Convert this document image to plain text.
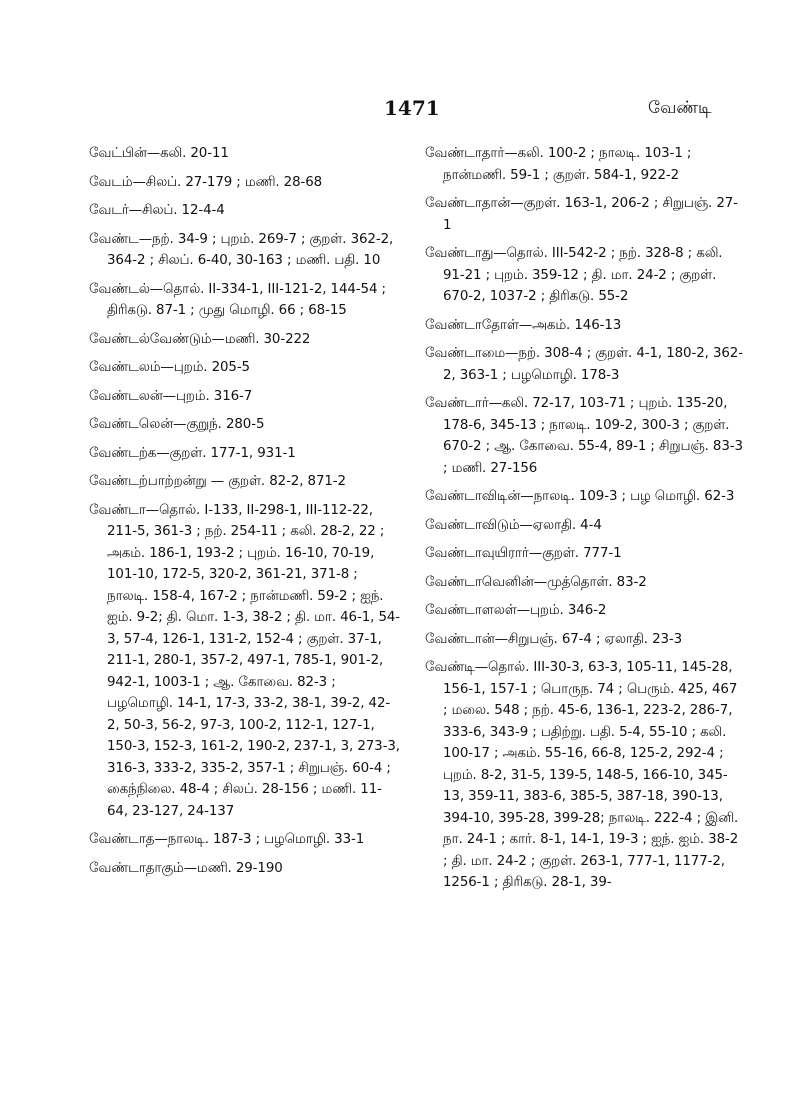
1471	வேண்டி
வேட்பின்—கலி. 20-11
வேடம்—சிலப். 27-179 ; மணி. 28-68
வேடர்—சிலப். 12-4-4
வேண்ட—நற். 34-9 ; புறம். 269-7 ; குறள். 362-2, 364-2 ; சிலப். 6-40, 30-163 ; மணி. பதி. 10
வேண்டல்—தொல். II-334-1, III-121-2, 144-54 ; திரிகடு. 87-1 ; முது மொழி. 66 ; 68-15
வேண்டல்வேண்டும்—மணி. 30-222
வேண்டலம்—புறம். 205-5
வேண்டலன்—புறம். 316-7
வேண்டலென்—குறுந். 280-5
வேண்டற்க—குறள். 177-1, 931-1
வேண்டற்பாற்றன்று — குறள். 82-2, 871-2
வேண்டா—தொல். I-133, II-298-1, III-112-22, 211-5, 361-3 ; நற். 254-11 ; கலி. 28-2, 22 ; அகம். 186-1, 193-2 ; புறம். 16-10, 70-19, 101-10, 172-5, 320-2, 361-21, 371-8 ; நாலடி. 158-4, 167-2 ; நான்மணி. 59-2 ; ஐந். ஐம். 9-2; தி. மொ. 1-3, 38-2 ; தி. மா. 46-1, 54-3, 57-4, 126-1, 131-2, 152-4 ; குறள். 37-1, 211-1, 280-1, 357-2, 497-1, 785-1, 901-2, 942-1, 1003-1 ; ஆ. கோவை. 82-3 ; பழமொழி. 14-1, 17-3, 33-2, 38-1, 39-2, 42-2, 50-3, 56-2, 97-3, 100-2, 112-1, 127-1, 150-3, 152-3, 161-2, 190-2, 237-1, 3, 273-3, 316-3, 333-2, 335-2, 357-1 ; சிறுபஞ். 60-4 ; கைந்நிலை. 48-4 ; சிலப். 28-156 ; மணி. 11-64, 23-127, 24-137
வேண்டாத—நாலடி. 187-3 ; பழமொழி. 33-1
வேண்டாதாகும்—மணி. 29-190
வேண்டாதார்—கலி. 100-2 ; நாலடி. 103-1 ; நான்மணி. 59-1 ; குறள். 584-1, 922-2
வேண்டாதான்—குறள். 163-1, 206-2 ; சிறுபஞ். 27-1
வேண்டாது—தொல். III-542-2 ; நற். 328-8 ; கலி. 91-21 ; புறம். 359-12 ; தி. மா. 24-2 ; குறள். 670-2, 1037-2 ; திரிகடு. 55-2
வேண்டாதோள்—அகம். 146-13
வேண்டாமை—நற். 308-4 ; குறள். 4-1, 180-2, 362-2, 363-1 ; பழமொழி. 178-3
வேண்டார்—கலி. 72-17, 103-71 ; புறம். 135-20, 178-6, 345-13 ; நாலடி. 109-2, 300-3 ; குறள். 670-2 ; ஆ. கோவை. 55-4, 89-1 ; சிறுபஞ். 83-3 ; மணி. 27-156
வேண்டாவிடின்—நாலடி. 109-3 ; பழ மொழி. 62-3
வேண்டாவிடும்—ஏலாதி. 4-4
வேண்டாவுயிரார்—குறள். 777-1
வேண்டாவெனின்—முத்தொள். 83-2
வேண்டாளலள்—புறம். 346-2
வேண்டான்—சிறுபஞ். 67-4 ; ஏலாதி. 23-3
வேண்டி—தொல். III-30-3, 63-3, 105-11, 145-28, 156-1, 157-1 ; பொருந. 74 ; பெரும். 425, 467 ; மலை. 548 ; நற். 45-6, 136-1, 223-2, 286-7, 333-6, 343-9 ; பதிற்று. பதி. 5-4, 55-10 ; கலி. 100-17 ; அகம். 55-16, 66-8, 125-2, 292-4 ; புறம். 8-2, 31-5, 139-5, 148-5, 166-10, 345-13, 359-11, 383-6, 385-5, 387-18, 390-13, 394-10, 395-28, 399-28; நாலடி. 222-4 ; இனி. நா. 24-1 ; கார். 8-1, 14-1, 19-3 ; ஐந். ஐம். 38-2 ; தி. மா. 24-2 ; குறள். 263-1, 777-1, 1177-2, 1256-1 ; திரிகடு. 28-1, 39-
